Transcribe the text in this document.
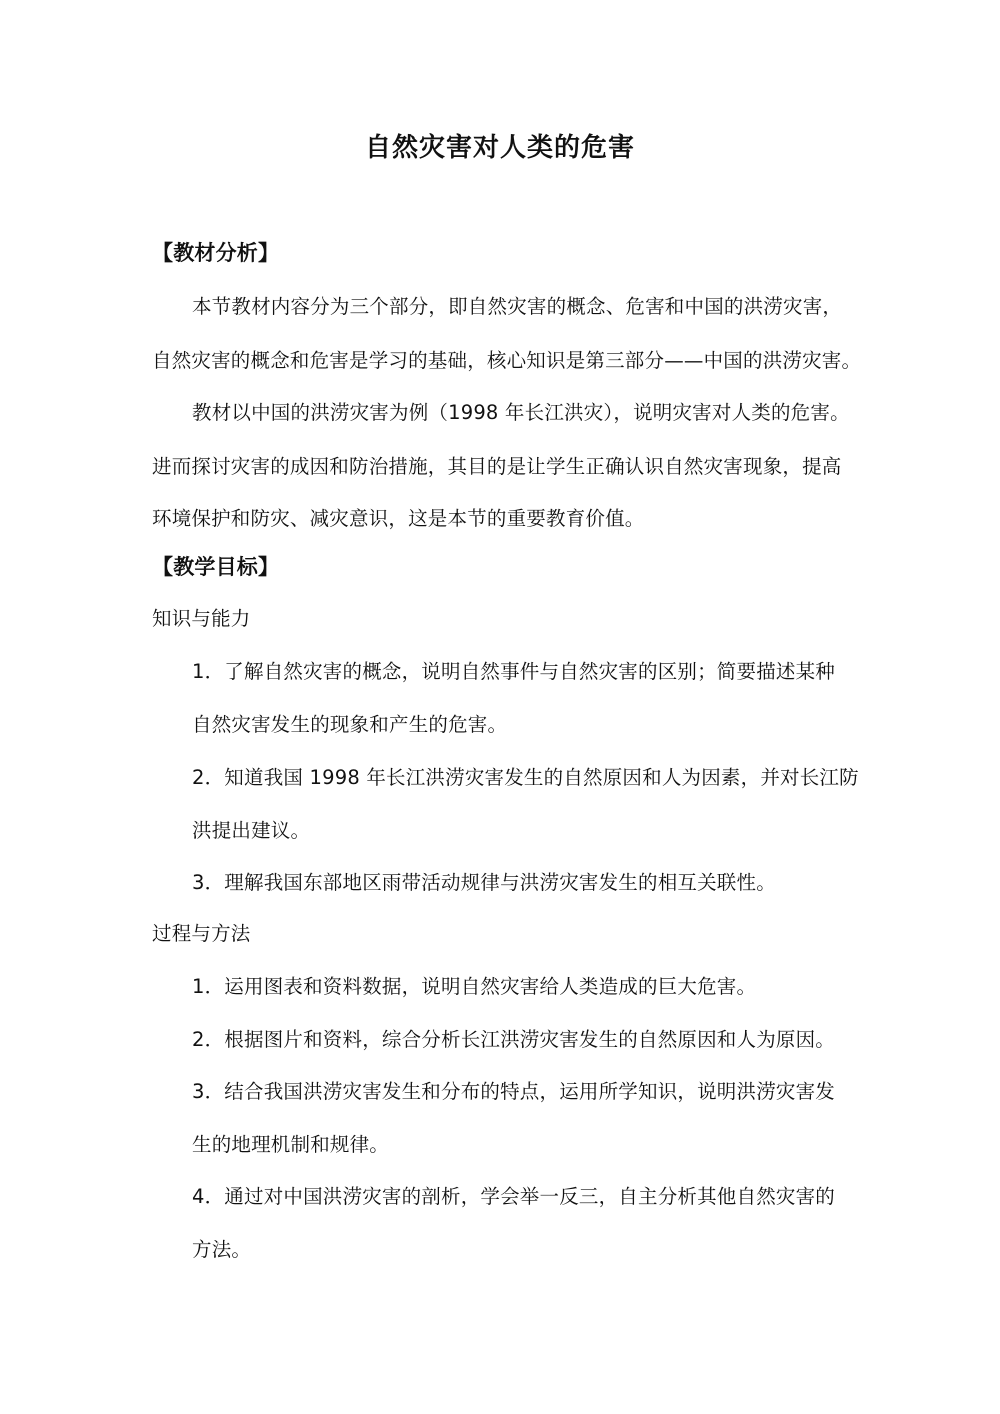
自然灾害对人类的危害
【教材分析】
本节教材内容分为三个部分，即自然灾害的概念、危害和中国的洪涝灾害，
自然灾害的概念和危害是学习的基础，核心知识是第三部分——中国的洪涝灾害。
教材以中国的洪涝灾害为例（1998 年长江洪灾），说明灾害对人类的危害。
进而探讨灾害的成因和防治措施，其目的是让学生正确认识自然灾害现象，提高
环境保护和防灾、减灾意识，这是本节的重要教育价值。
【教学目标】
知识与能力
1．了解自然灾害的概念，说明自然事件与自然灾害的区别；简要描述某种
自然灾害发生的现象和产生的危害。
2．知道我国 1998 年长江洪涝灾害发生的自然原因和人为因素，并对长江防
洪提出建议。
3．理解我国东部地区雨带活动规律与洪涝灾害发生的相互关联性。
过程与方法
1．运用图表和资料数据，说明自然灾害给人类造成的巨大危害。
2．根据图片和资料，综合分析长江洪涝灾害发生的自然原因和人为原因。
3．结合我国洪涝灾害发生和分布的特点，运用所学知识，说明洪涝灾害发
生的地理机制和规律。
4．通过对中国洪涝灾害的剖析，学会举一反三，自主分析其他自然灾害的
方法。
